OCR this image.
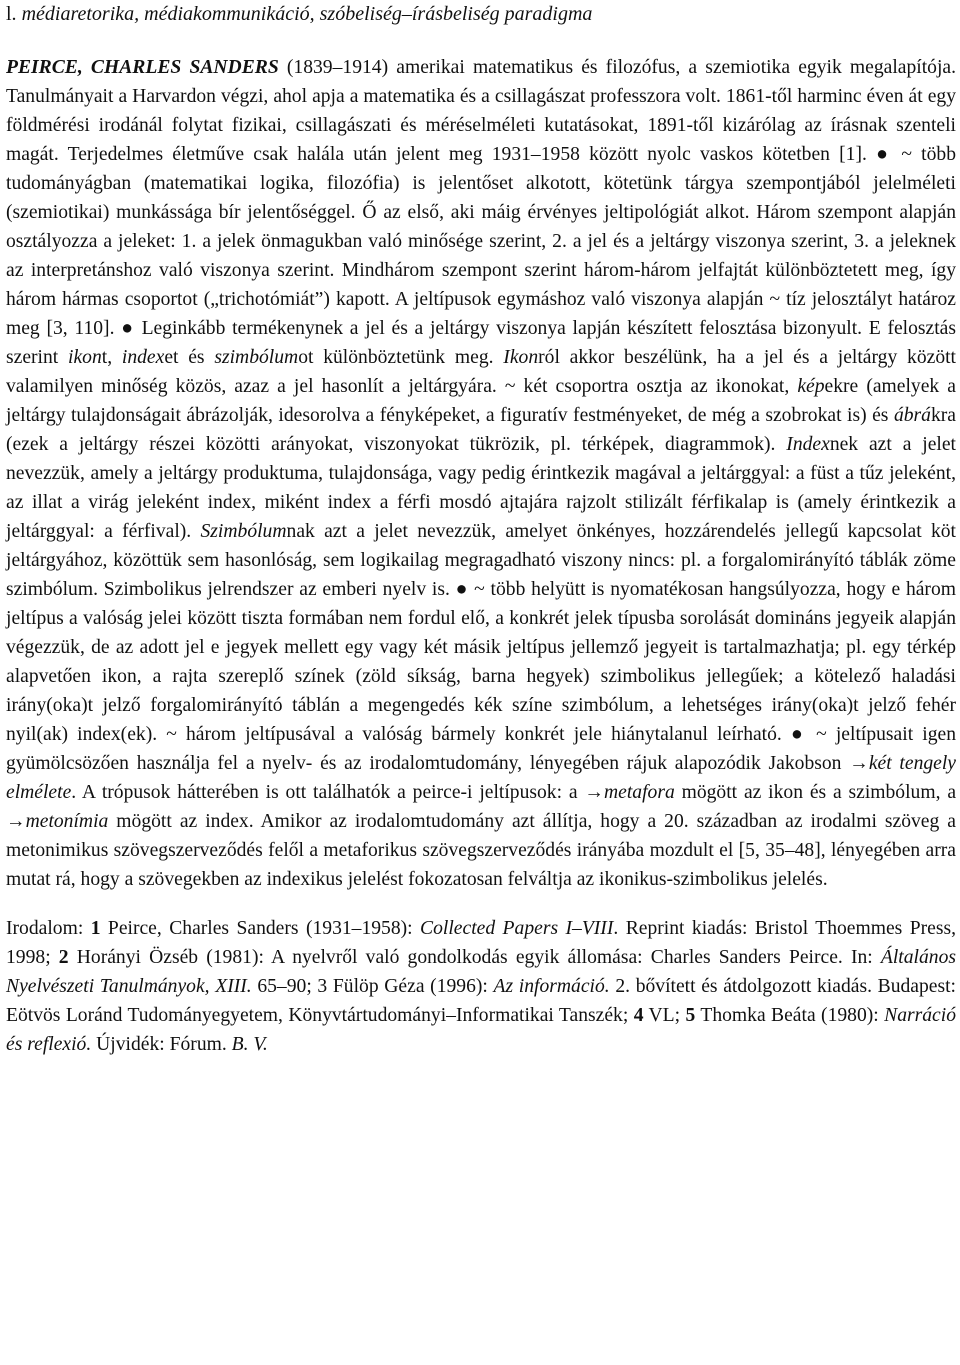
l. médiaretorika, médiakommunikáció, szóbeliség–írásbeliség paradigma

PEIRCE, CHARLES SANDERS (1839–1914) amerikai matematikus és filozófus, a szemiotika egyik megalapítója. Tanulmányait a Harvardon végzi, ahol apja a matematika és a csillagászat professzora volt. 1861-től harminc éven át egy földmérési irodánál folytat fizikai, csillagászati és méréselméleti kutatásokat, 1891-től kizárólag az írásnak szenteli magát. Terjedelmes életműve csak halála után jelent meg 1931–1958 között nyolc vaskos kötetben [1]. ● ~ több tudományágban (matematikai logika, filozófia) is jelentőset alkotott, kötetünk tárgya szempontjából jelelméleti (szemiotikai) munkássága bír jelentőséggel. Ő az első, aki máig érvényes jeltipológiát alkot. Három szempont alapján osztályozza a jeleket: 1. a jelek önmagukban való minősége szerint, 2. a jel és a jeltárgy viszonya szerint, 3. a jeleknek az interpretánshoz való viszonya szerint. Mindhárom szempont szerint három-három jelfajtát különböztetett meg, így három hármas csoportot („trichotómiát”) kapott. A jeltípusok egymáshoz való viszonya alapján ~ tíz jelosztályt határoz meg [3, 110]. ● Leginkább termékenynek a jel és a jeltárgy viszonya lapján készített felosztása bizonyult. E felosztás szerint ikont, indexet és szimbólumot különböztetünk meg. Ikonról akkor beszélünk, ha a jel és a jeltárgy között valamilyen minőség közös, azaz a jel hasonlít a jeltárgyára. ~ két csoportra osztja az ikonokat, képekre (amelyek a jeltárgy tulajdonságait ábrázolják, idesorolva a fényképeket, a figuratív festményeket, de még a szobrokat is) és ábrákra (ezek a jeltárgy részei közötti arányokat, viszonyokat tükrözik, pl. térképek, diagrammok). Indexnek azt a jelet nevezzük, amely a jeltárgy produktuma, tulajdonsága, vagy pedig érintkezik magával a jeltárggyal: a füst a tűz jeleként, az illat a virág jeleként index, miként index a férfi mosdó ajtajára rajzolt stilizált férfikalap is (amely érintkezik a jeltárggyal: a férfival). Szimbólumnak azt a jelet nevezzük, amelyet önkényes, hozzárendelés jellegű kapcsolat köt jeltárgyához, közöttük sem hasonlóság, sem logikailag megragadható viszony nincs: pl. a forgalomirányító táblák zöme szimbólum. Szimbolikus jelrendszer az emberi nyelv is. ● ~ több helyütt is nyomatékosan hangsúlyozza, hogy e három jeltípus a valóság jelei között tiszta formában nem fordul elő, a konkrét jelek típusba sorolását domináns jegyeik alapján végezzük, de az adott jel e jegyek mellett egy vagy két másik jeltípus jellemző jegyeit is tartalmazhatja; pl. egy térkép alapvetően ikon, a rajta szereplő színek (zöld síkság, barna hegyek) szimbolikus jellegűek; a kötelező haladási irány(oka)t jelző forgalomirányító táblán a megengedés kék színe szimbólum, a lehetséges irány(oka)t jelző fehér nyil(ak) index(ek). ~ három jeltípusával a valóság bármely konkrét jele hiánytalanul leírható. ● ~ jeltípusait igen gyümölcsözően használja fel a nyelv- és az irodalomtudomány, lényegében rájuk alapozódik Jakobson →két tengely elmélete. A trópusok hátterében is ott találhatók a peirce-i jeltípusok: a →metafora mögött az ikon és a szimbólum, a →metonímia mögött az index. Amikor az irodalomtudomány azt állítja, hogy a 20. században az irodalmi szöveg a metonimikus szövegszerveződés felől a metaforikus szövegszerveződés irányába mozdult el [5, 35–48], lényegében arra mutat rá, hogy a szövegekben az indexikus jelelést fokozatosan felváltja az ikonikus-szimbolikus jelelés.

Irodalom: 1 Peirce, Charles Sanders (1931–1958): Collected Papers I–VIII. Reprint kiadás: Bristol Thoemmes Press, 1998; 2 Horányi Özséb (1981): A nyelvről való gondolkodás egyik állomása: Charles Sanders Peirce. In: Általános Nyelvészeti Tanulmányok, XIII. 65–90; 3 Fülöp Géza (1996): Az információ. 2. bővített és átdolgozott kiadás. Budapest: Eötvös Loránd Tudományegyetem, Könyvtártudományi–Informatikai Tanszék; 4 VL; 5 Thomka Beáta (1980): Narráció és reflexió. Újvidék: Fórum. B. V.
